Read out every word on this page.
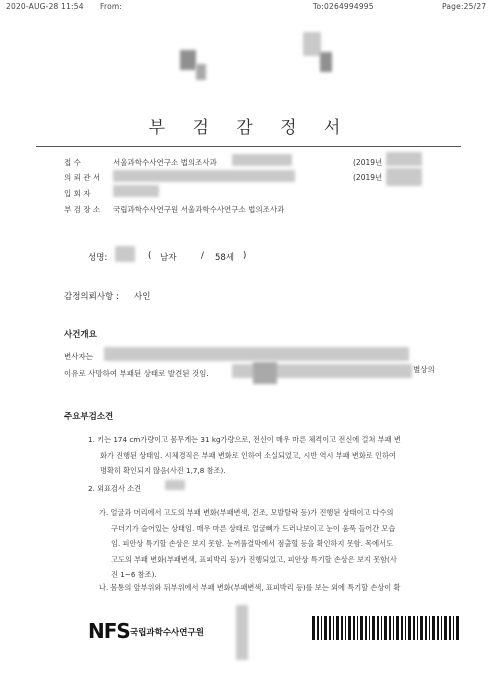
2020-AUG-28 11:54 From:	To:0264994995	Page:25/27
부 검 감 정 서
접 수	서울과학수사연구소 법의조사과	(2019년
의 뢰 관 서	(2019년
입 회 자
부 검 장 소 국립과학수사연구원 서울과학수사연구소 법의조사과
성명:	( 남자	/ 58세 )
감정의뢰사항 : 사인
사건개요
변사자는
별상의
이유로 사망하여 부패된 상태로 발견된 것임.
주요부검소견
1. 키는 174 cm가량이고 몸무게는 31 kg가량으로, 전신이 매우 마른 체격이고 전신에 걸쳐 부패 변
화가 진행된 상태임. 시체경직은 부패 변화로 인하여 소실되었고, 시반 역시 부패 변화로 인하여
명확히 확인되지 않음(사진 1,7,8 참조).
2. 외표검사 소견
가. 얼굴과 머리에서 고도의 부패 변화(부패변색, 건조, 모발탈락 등)가 진행된 상태이고 다수의
구더기가 슬어있는 상태임. 매우 마른 상태로 얼굴뼈가 드러나보이고 눈이 움푹 들어간 모습
임. 피안상 특기할 손상은 보지 못함. 눈꺼풀결막에서 점출혈 등을 확인하지 못함. 목에서도
고도의 부패 변화(부패변색, 표피박리 등)가 진행되었고, 피안상 특기할 손상은 보지 못함(사
진 1~6 참조).
나. 몸통의 앞부위와 뒤부위에서 부패 변화(부패변색, 표피박리 등)를 보는 외에 특기할 손상이 확
NFS 국립과학수사연구원
